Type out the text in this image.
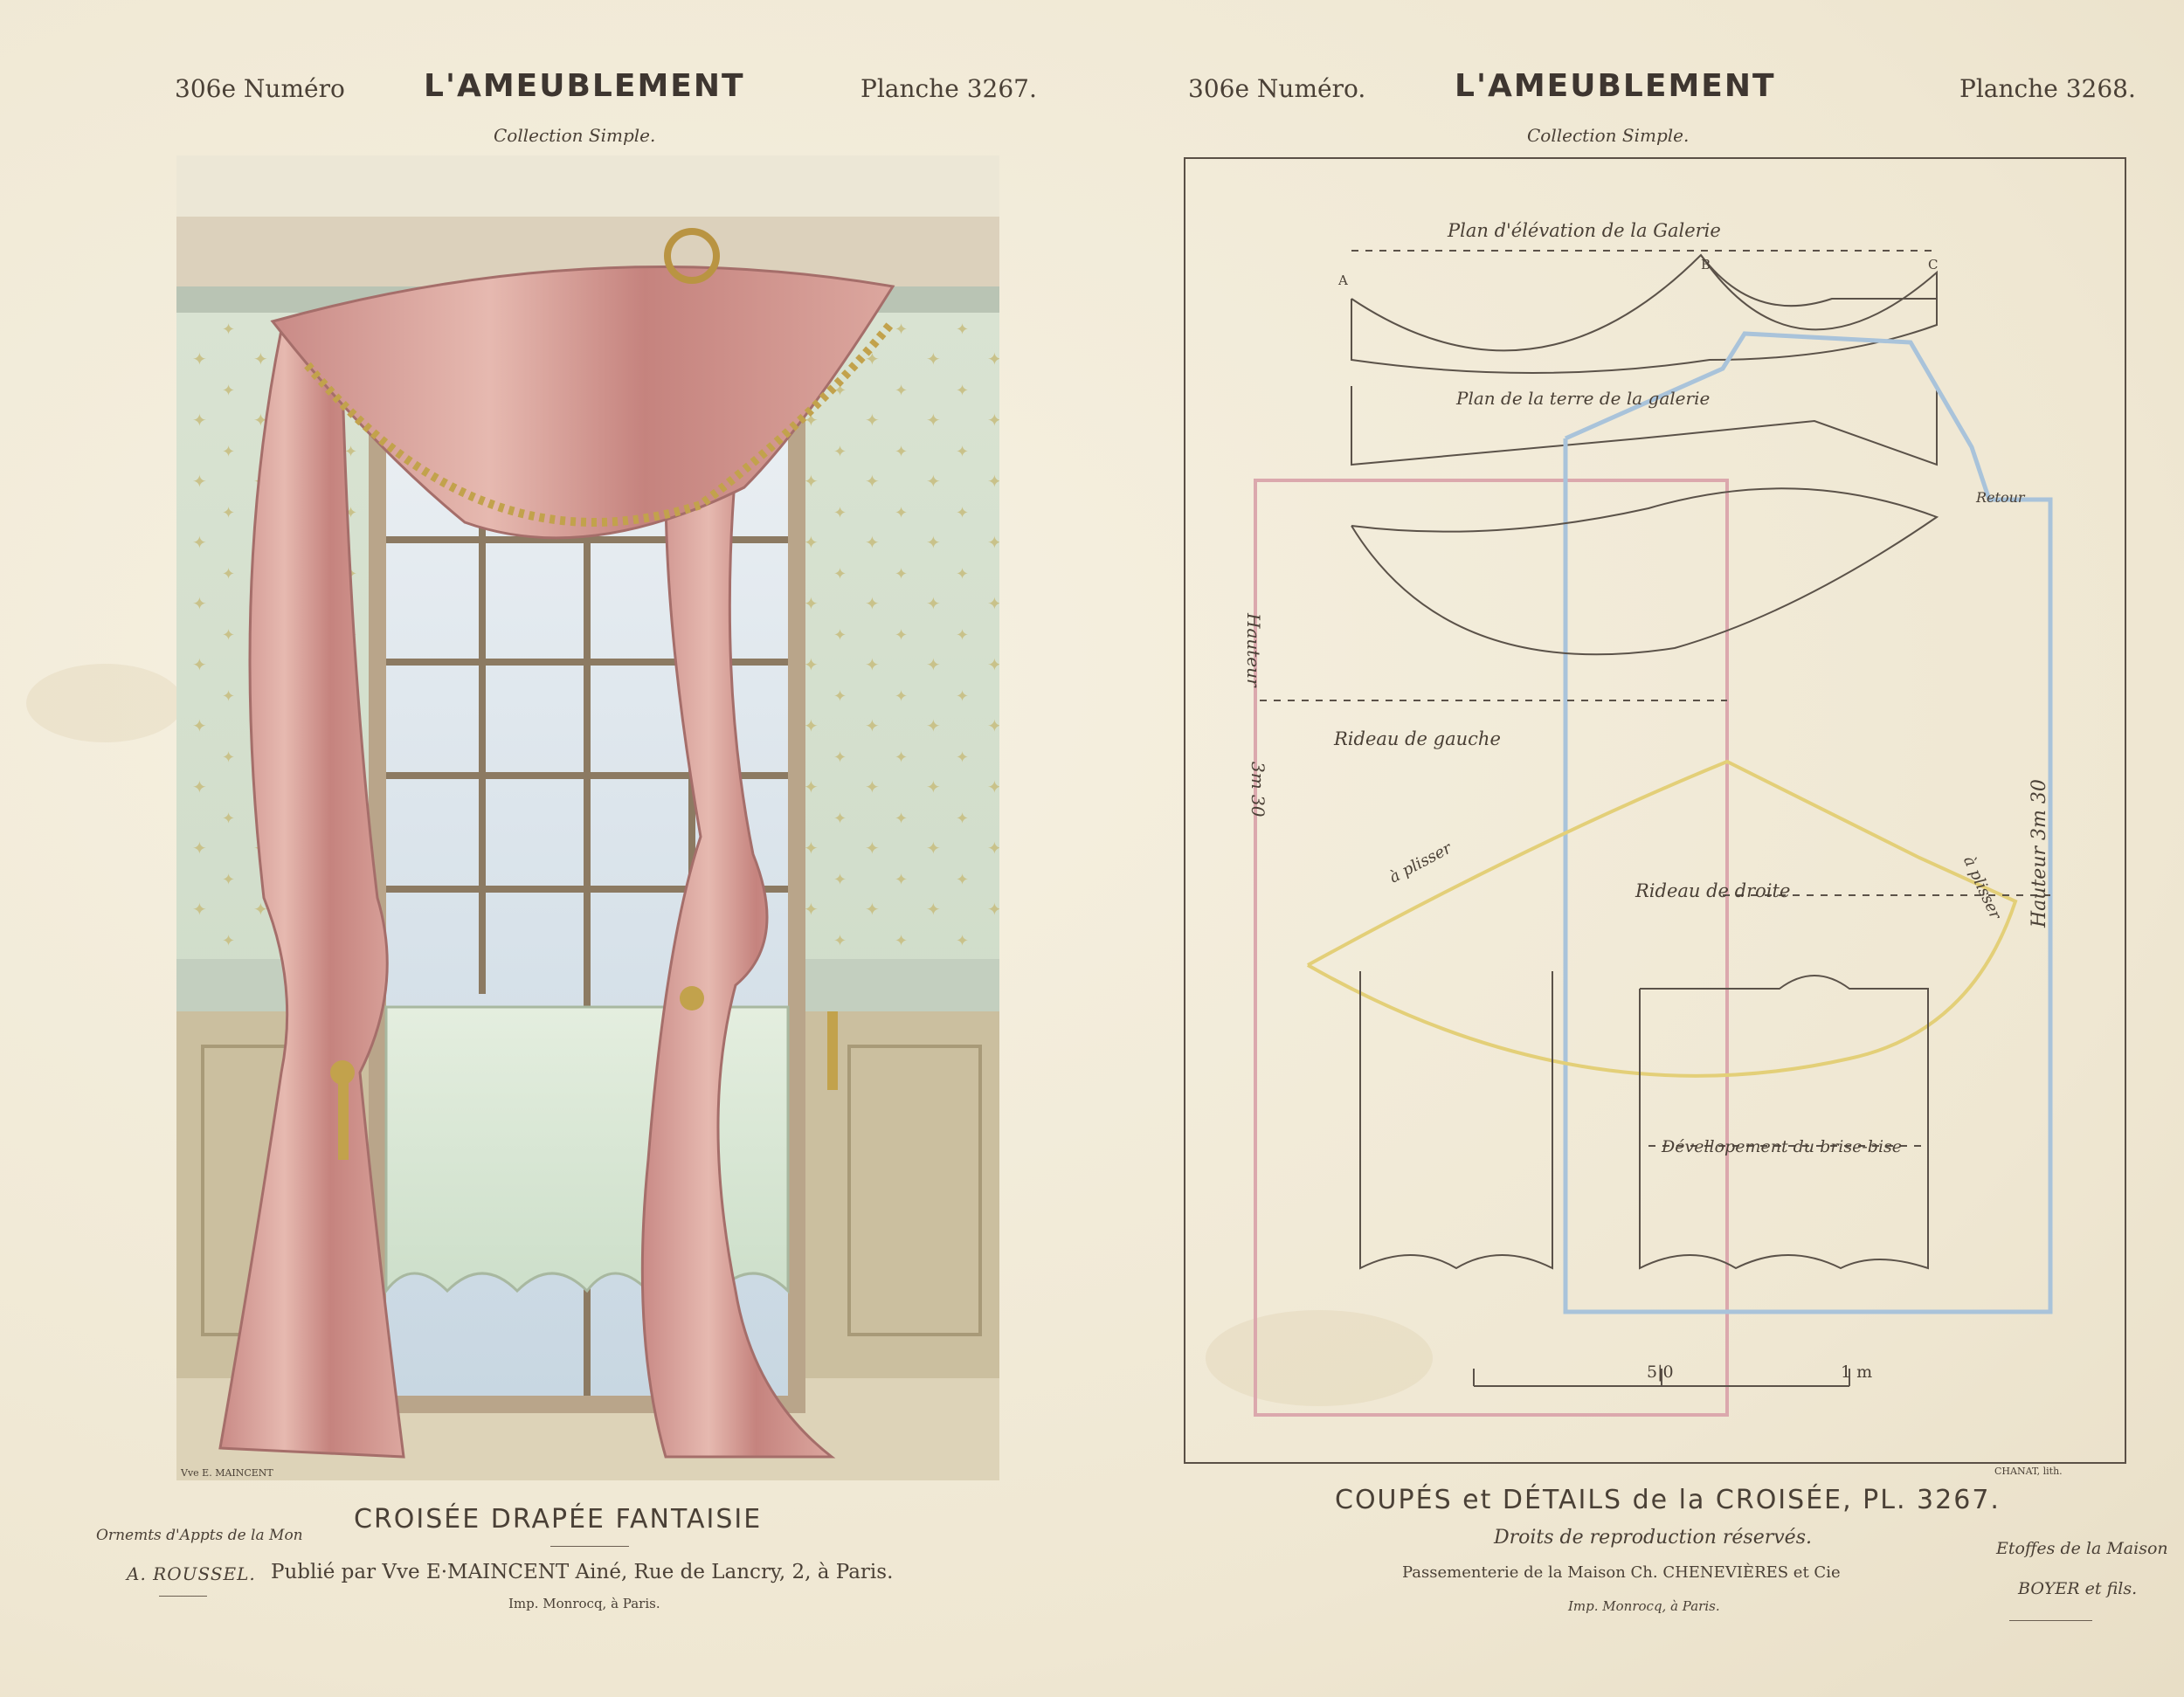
306e Numéro	L'AMEUBLEMENT	Planche 3267.
Collection Simple.
306e Numéro.	L'AMEUBLEMENT	Planche 3268.
Collection Simple.
Vve E. MAINCENT
Plan d'élévation de la Galerie
Plan de la terre de la galerie
A
B	C
Retour
Hauteur
3m 30	Hauteur 3m 30
Rideau de gauche
Rideau de droite
à plisser	à plisser
Dévellopement du brise-bise
5|0	1 m
CHANAT, lith.
CROISÉE DRAPÉE FANTAISIE
Ornemts d'Appts de la Mon
A. ROUSSEL. Publié par Vve E·MAINCENT Ainé, Rue de Lancry, 2, à Paris.
Imp. Monrocq, à Paris.
COUPÉS et DÉTAILS de la CROISÉE, PL. 3267.
Droits de reproduction réservés.
Passementerie de la Maison Ch. CHENEVIÈRES et Cie
Imp. Monrocq, à Paris.
Etoffes de la Maison
BOYER et fils.
